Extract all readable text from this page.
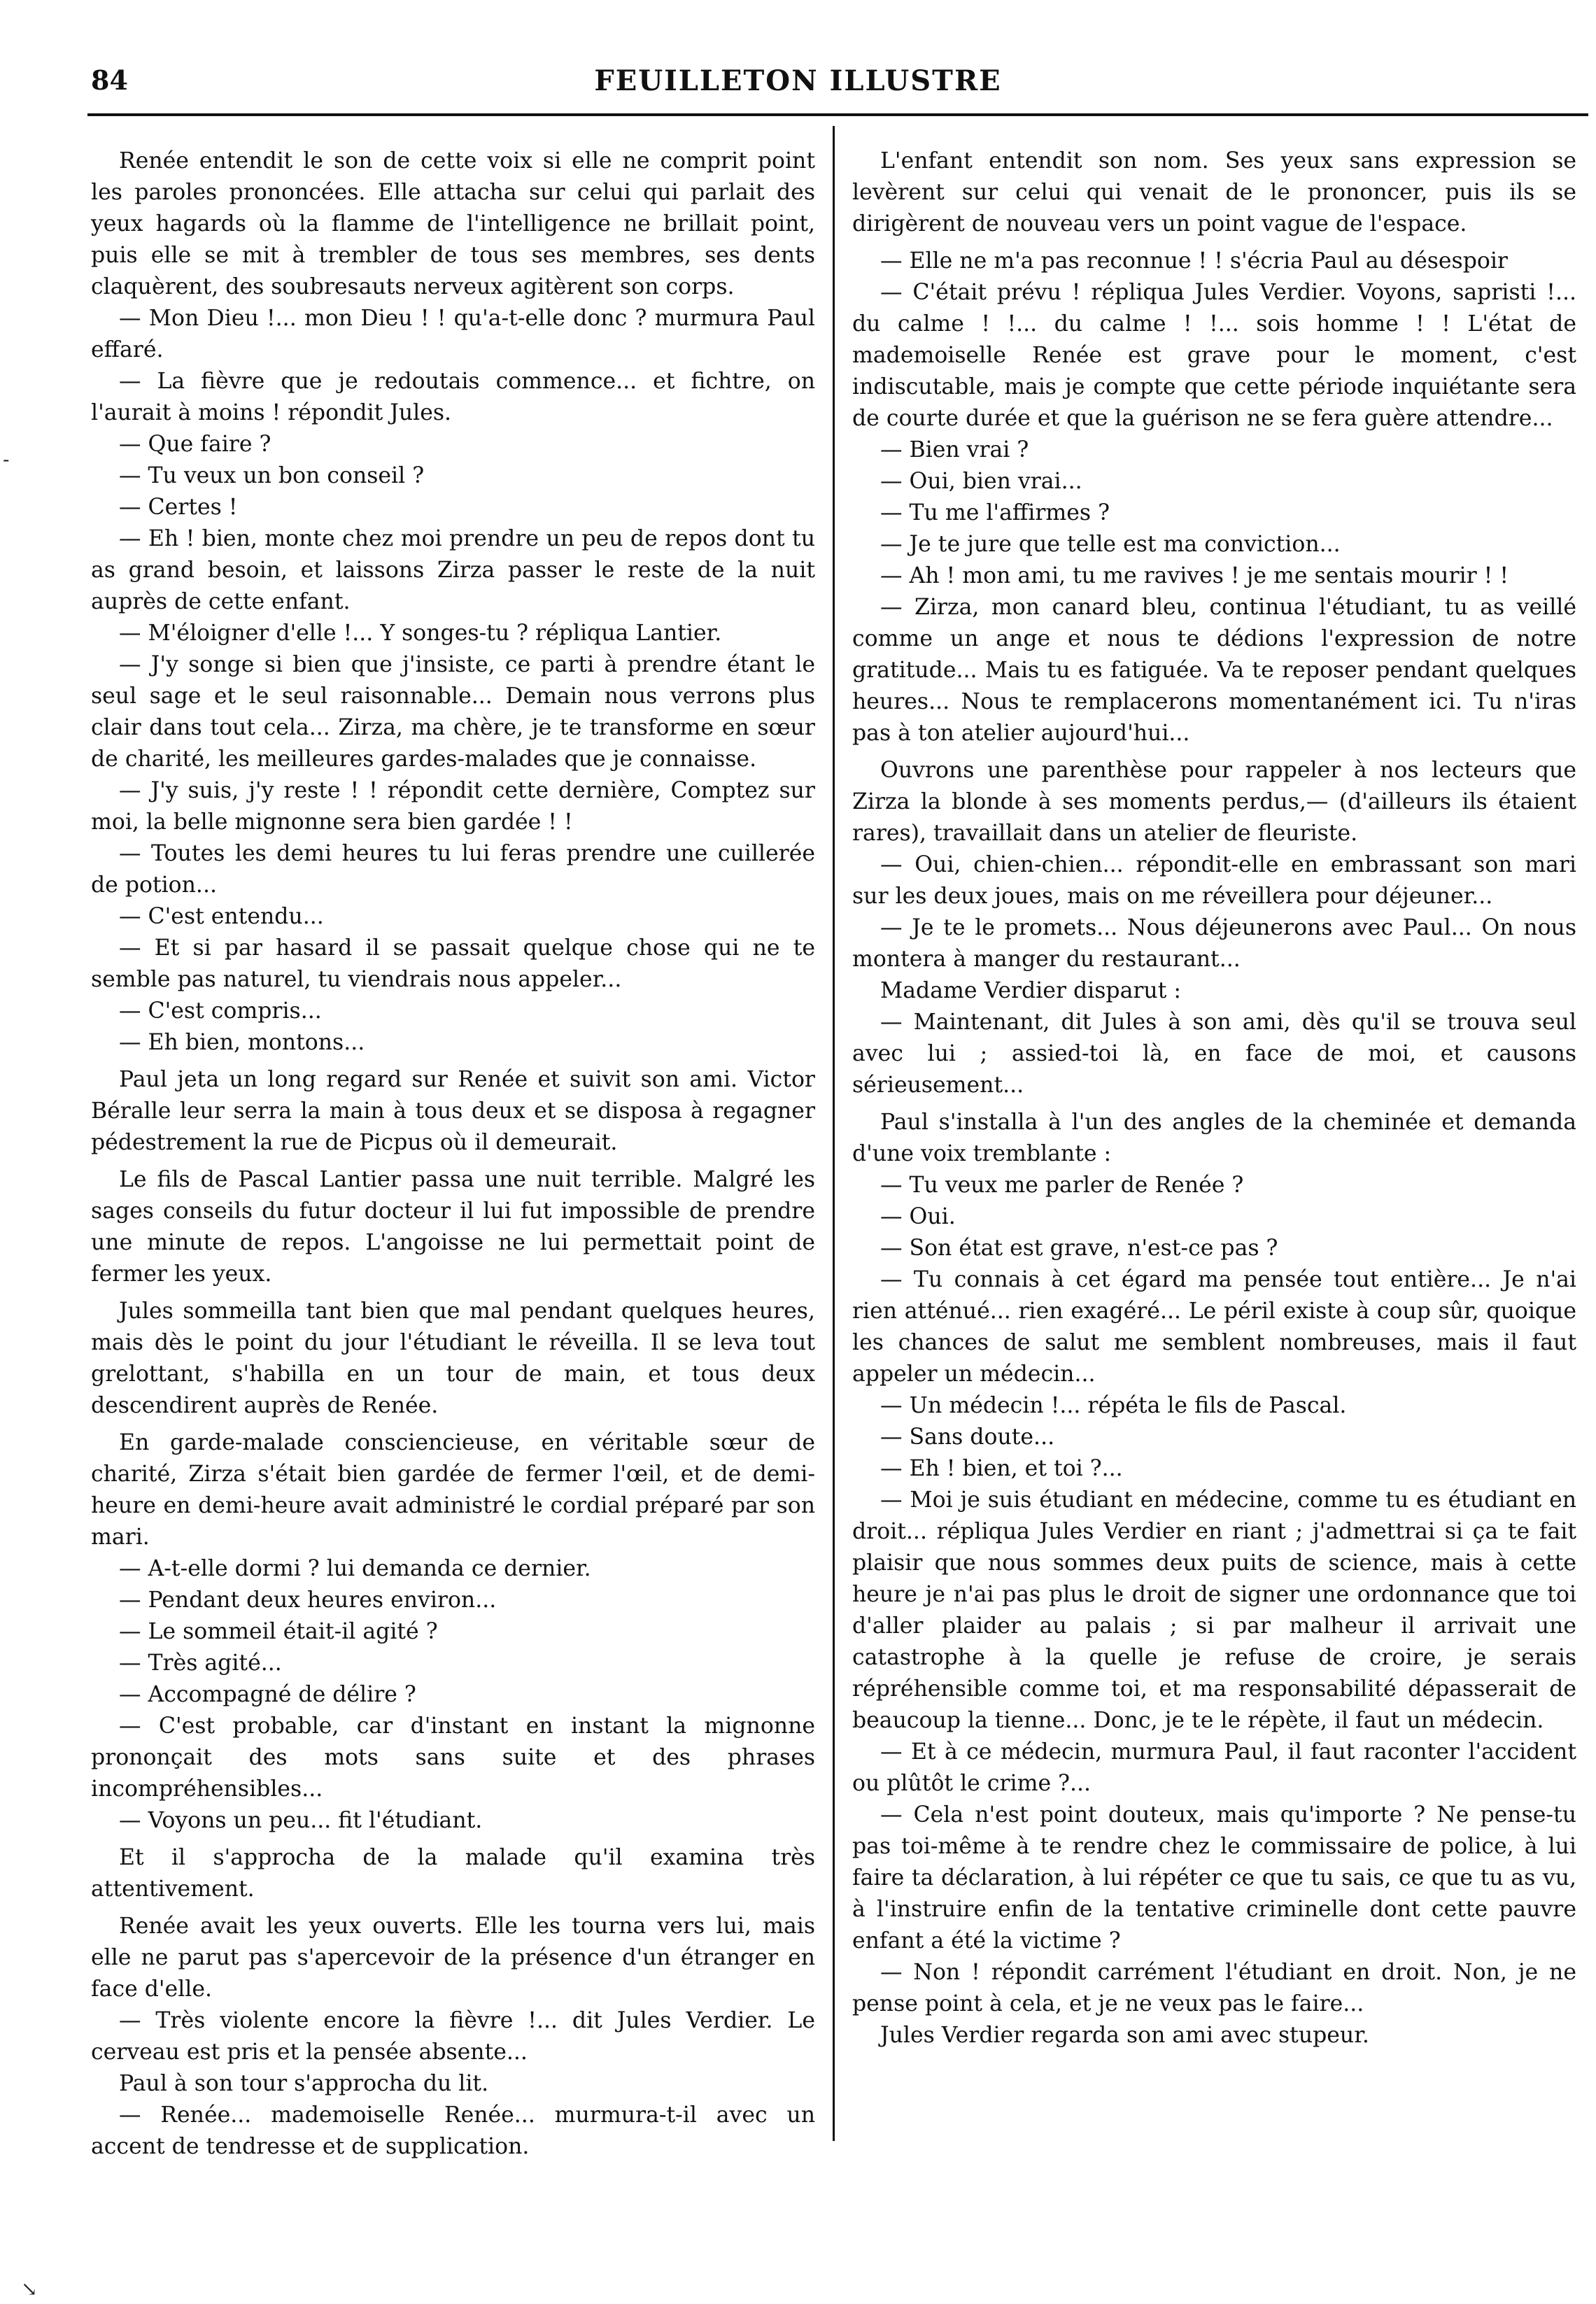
84	FEUILLETON ILLUSTRE

Renée entendit le son de cette voix si elle ne comprit point les paroles prononcées. Elle attacha sur celui qui parlait des yeux hagards où la flamme de l'intelligence ne brillait point, puis elle se mit à trembler de tous ses membres, ses dents claquèrent, des soubresauts nerveux agitèrent son corps.

— Mon Dieu !... mon Dieu ! ! qu'a-t-elle donc ? murmura Paul effaré.

— La fièvre que je redoutais commence... et fichtre, on l'aurait à moins ! répondit Jules.

— Que faire ?

— Tu veux un bon conseil ?

— Certes !

— Eh ! bien, monte chez moi prendre un peu de repos dont tu as grand besoin, et laissons Zirza passer le reste de la nuit auprès de cette enfant.

— M'éloigner d'elle !... Y songes-tu ? répliqua Lantier.

— J'y songe si bien que j'insiste, ce parti à prendre étant le seul sage et le seul raisonnable... Demain nous verrons plus clair dans tout cela... Zirza, ma chère, je te transforme en sœur de charité, les meilleures gardes-malades que je connaisse.

— J'y suis, j'y reste ! ! répondit cette dernière, Comptez sur moi, la belle mignonne sera bien gardée ! !

— Toutes les demi heures tu lui feras prendre une cuillerée de potion...

— C'est entendu...

— Et si par hasard il se passait quelque chose qui ne te semble pas naturel, tu viendrais nous appeler...

— C'est compris...

— Eh bien, montons...

Paul jeta un long regard sur Renée et suivit son ami. Victor Béralle leur serra la main à tous deux et se disposa à regagner pédestrement la rue de Picpus où il demeurait.

Le fils de Pascal Lantier passa une nuit terrible. Malgré les sages conseils du futur docteur il lui fut impossible de prendre une minute de repos. L'angoisse ne lui permettait point de fermer les yeux.

Jules sommeilla tant bien que mal pendant quelques heures, mais dès le point du jour l'étudiant le réveilla. Il se leva tout grelottant, s'habilla en un tour de main, et tous deux descendirent auprès de Renée.

En garde-malade consciencieuse, en véritable sœur de charité, Zirza s'était bien gardée de fermer l'œil, et de demi-heure en demi-heure avait administré le cordial préparé par son mari.

— A-t-elle dormi ? lui demanda ce dernier.

— Pendant deux heures environ...

— Le sommeil était-il agité ?

— Très agité...

— Accompagné de délire ?

— C'est probable, car d'instant en instant la mignonne prononçait des mots sans suite et des phrases incompréhensibles...

— Voyons un peu... fit l'étudiant.

Et il s'approcha de la malade qu'il examina très attentivement.

Renée avait les yeux ouverts. Elle les tourna vers lui, mais elle ne parut pas s'apercevoir de la présence d'un étranger en face d'elle.

— Très violente encore la fièvre !... dit Jules Verdier. Le cerveau est pris et la pensée absente...

Paul à son tour s'approcha du lit.

— Renée... mademoiselle Renée... murmura-t-il avec un accent de tendresse et de supplication.

L'enfant entendit son nom. Ses yeux sans expression se levèrent sur celui qui venait de le prononcer, puis ils se dirigèrent de nouveau vers un point vague de l'espace.

— Elle ne m'a pas reconnue ! ! s'écria Paul au désespoir

— C'était prévu ! répliqua Jules Verdier. Voyons, sapristi !... du calme ! !... du calme ! !... sois homme ! ! L'état de mademoiselle Renée est grave pour le moment, c'est indiscutable, mais je compte que cette période inquiétante sera de courte durée et que la guérison ne se fera guère attendre...

— Bien vrai ?

— Oui, bien vrai...

— Tu me l'affirmes ?

— Je te jure que telle est ma conviction...

— Ah ! mon ami, tu me ravives ! je me sentais mourir ! !

— Zirza, mon canard bleu, continua l'étudiant, tu as veillé comme un ange et nous te dédions l'expression de notre gratitude... Mais tu es fatiguée. Va te reposer pendant quelques heures... Nous te remplacerons momentanément ici. Tu n'iras pas à ton atelier aujourd'hui...

Ouvrons une parenthèse pour rappeler à nos lecteurs que Zirza la blonde à ses moments perdus,— (d'ailleurs ils étaient rares), travaillait dans un atelier de fleuriste.

— Oui, chien-chien... répondit-elle en embrassant son mari sur les deux joues, mais on me réveillera pour déjeuner...

— Je te le promets... Nous déjeunerons avec Paul... On nous montera à manger du restaurant...

Madame Verdier disparut :

— Maintenant, dit Jules à son ami, dès qu'il se trouva seul avec lui ; assied-toi là, en face de moi, et causons sérieusement...

Paul s'installa à l'un des angles de la cheminée et demanda d'une voix tremblante :

— Tu veux me parler de Renée ?

— Oui.

— Son état est grave, n'est-ce pas ?

— Tu connais à cet égard ma pensée tout entière... Je n'ai rien atténué... rien exagéré... Le péril existe à coup sûr, quoique les chances de salut me semblent nombreuses, mais il faut appeler un médecin...

— Un médecin !... répéta le fils de Pascal.

— Sans doute...

— Eh ! bien, et toi ?...

— Moi je suis étudiant en médecine, comme tu es étudiant en droit... répliqua Jules Verdier en riant ; j'admettrai si ça te fait plaisir que nous sommes deux puits de science, mais à cette heure je n'ai pas plus le droit de signer une ordonnance que toi d'aller plaider au palais ; si par malheur il arrivait une catastrophe à la quelle je refuse de croire, je serais répréhensible comme toi, et ma responsabilité dépasserait de beaucoup la tienne... Donc, je te le répète, il faut un médecin.

— Et à ce médecin, murmura Paul, il faut raconter l'accident ou plûtôt le crime ?...

— Cela n'est point douteux, mais qu'importe ? Ne pense-tu pas toi-même à te rendre chez le commissaire de police, à lui faire ta déclaration, à lui répéter ce que tu sais, ce que tu as vu, à l'instruire enfin de la tentative criminelle dont cette pauvre enfant a été la victime ?

— Non ! répondit carrément l'étudiant en droit. Non, je ne pense point à cela, et je ne veux pas le faire...

Jules Verdier regarda son ami avec stupeur.

-
↘
